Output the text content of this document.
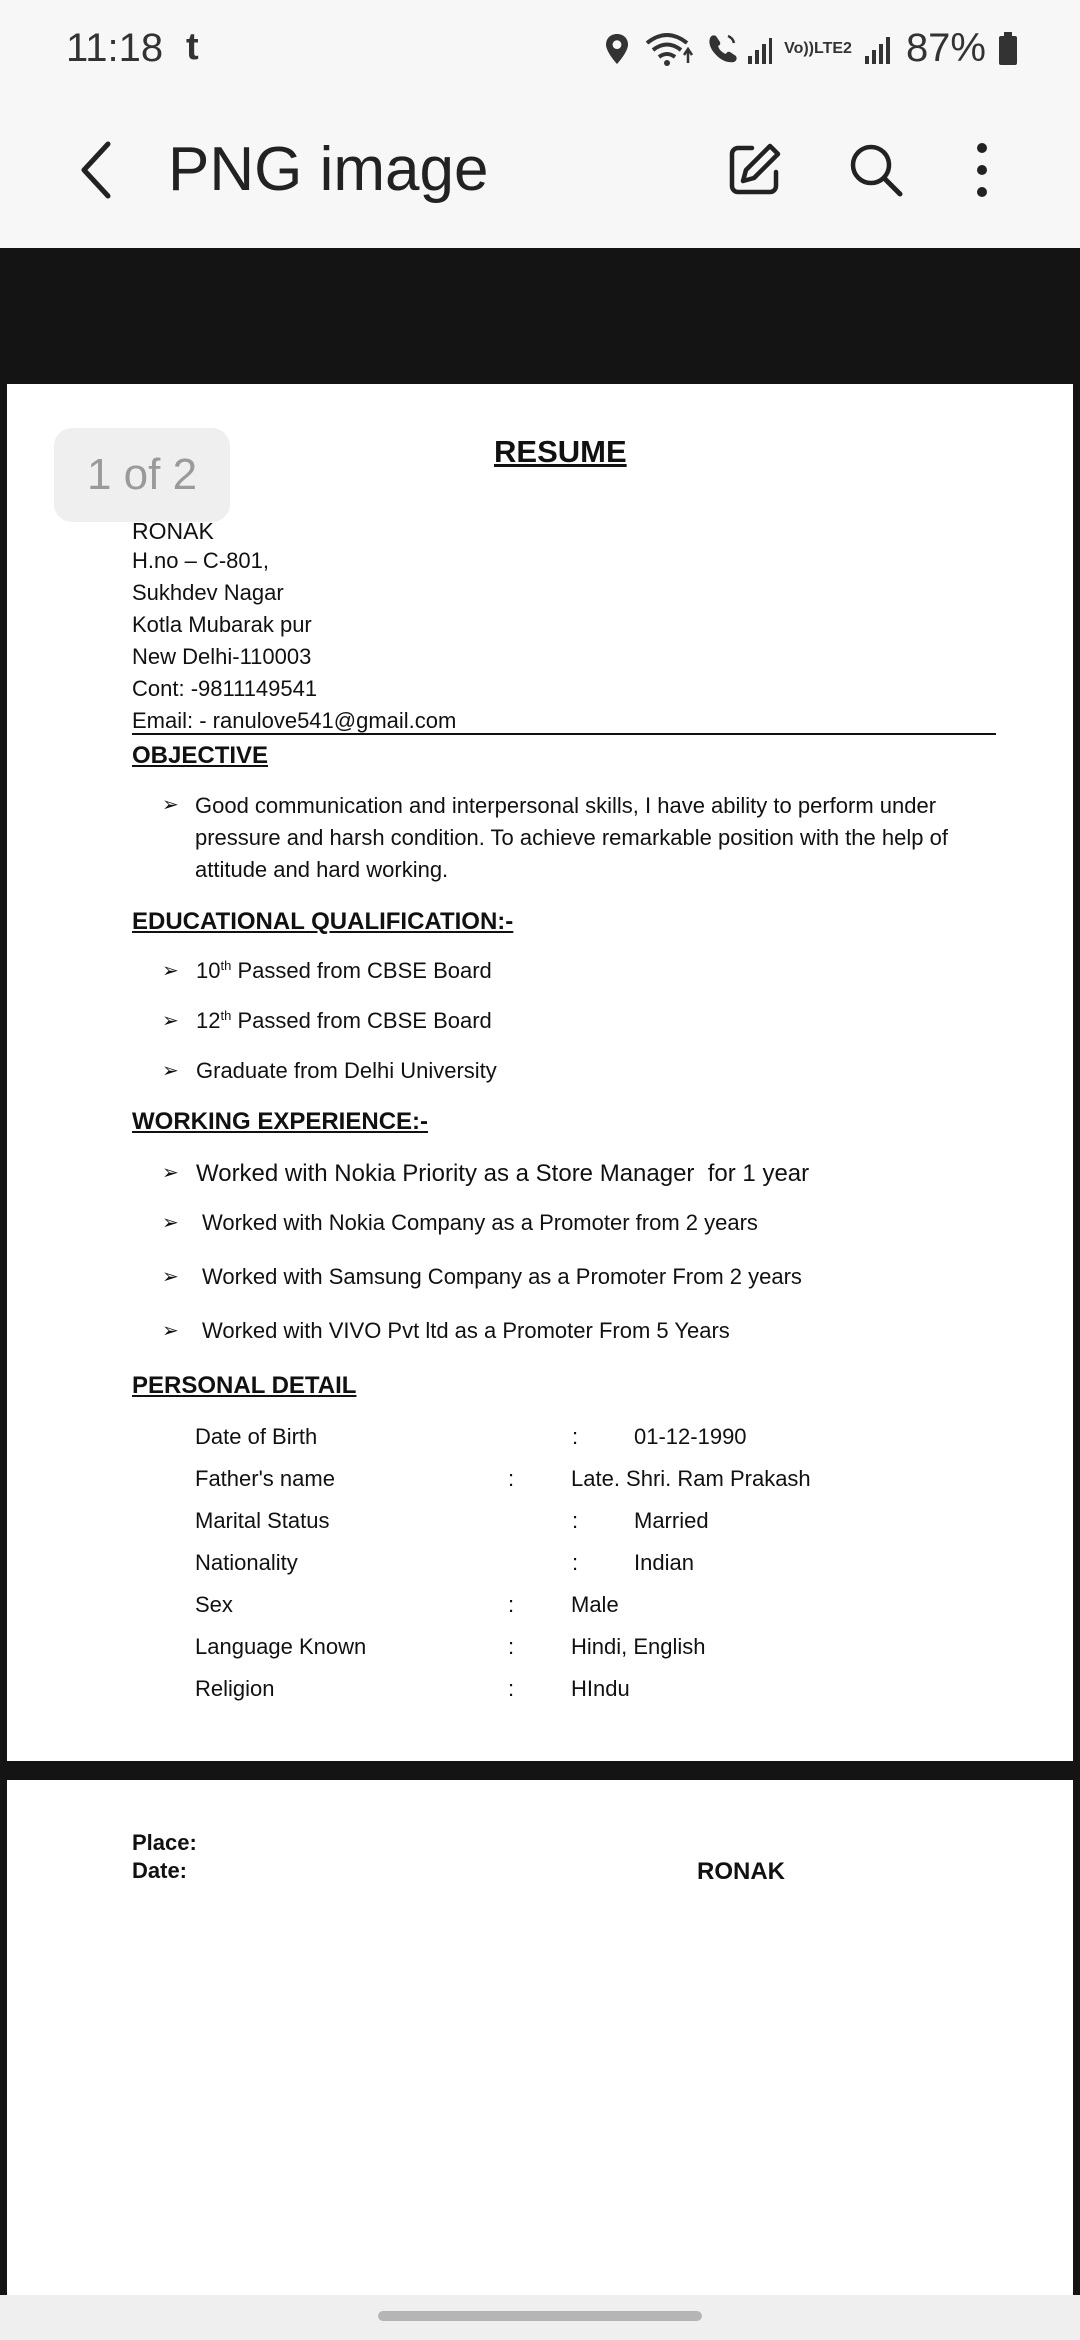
11:18 t	Vo)) LTE2 87%
PNG image
1 of 2	RESUME
RONAK
H.no – C-801,
Sukhdev Nagar
Kotla Mubarak pur
New Delhi-110003
Cont: -9811149541
Email: - ranulove541@gmail.com
OBJECTIVE
➢ Good communication and interpersonal skills, I have ability to perform under pressure and harsh condition. To achieve remarkable position with the help of attitude and hard working.
EDUCATIONAL QUALIFICATION:-
➢ 10 th Passed from CBSE Board
➢ 12 th Passed from CBSE Board
➢ Graduate from Delhi University
WORKING EXPERIENCE:-
➢ Worked with Nokia Priority as a Store Manager  for 1 year
➢	Worked with Nokia Company as a Promoter from 2 years
➢	Worked with Samsung Company as a Promoter From 2 years
➢	Worked with VIVO Pvt ltd as a Promoter From 5 Years
PERSONAL DETAIL
Date of Birth	:	01-12-1990
Father's name	:	Late. Shri. Ram Prakash
Marital Status	:	Married
Nationality	:	Indian
Sex	:	Male
Language Known	:	Hindi, English
Religion	:	HIndu
Place:
Date:	RONAK
